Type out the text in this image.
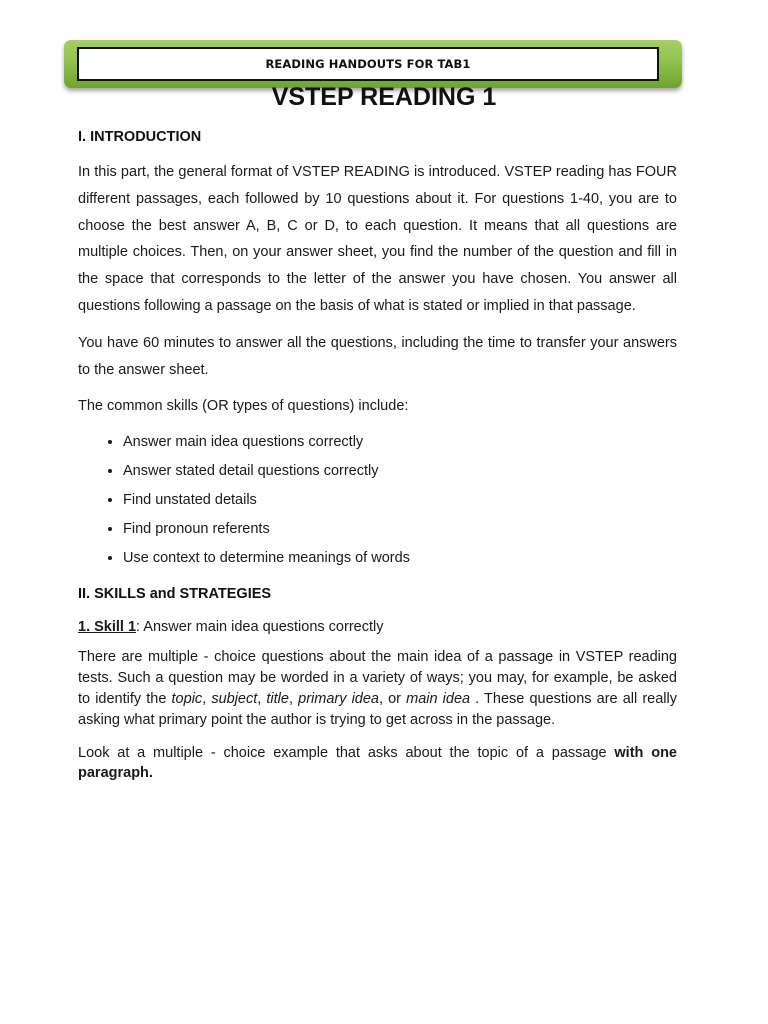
READING HANDOUTS FOR TAB1
VSTEP READING 1
I. INTRODUCTION

In this part, the general format of VSTEP READING is introduced. VSTEP reading has FOUR different passages, each followed by 10 questions about it. For questions 1-40, you are to choose the best answer A, B, C or D, to each question. It means that all questions are multiple choices. Then, on your answer sheet, you find the number of the question and fill in the space that corresponds to the letter of the answer you have chosen. You answer all questions following a passage on the basis of what is stated or implied in that passage.

You have 60 minutes to answer all the questions, including the time to transfer your answers to the answer sheet.

The common skills (OR types of questions) include:

• Answer main idea questions correctly
• Answer stated detail questions correctly
• Find unstated details
• Find pronoun referents
• Use context to determine meanings of words
II. SKILLS and STRATEGIES

1. Skill 1: Answer main idea questions correctly

There are multiple - choice questions about the main idea of a passage in VSTEP reading tests. Such a question may be worded in a variety of ways; you may, for example, be asked to identify the topic, subject, title, primary idea, or main idea . These questions are all really asking what primary point the author is trying to get across in the passage.

Look at a multiple - choice example that asks about the topic of a passage with one paragraph.
